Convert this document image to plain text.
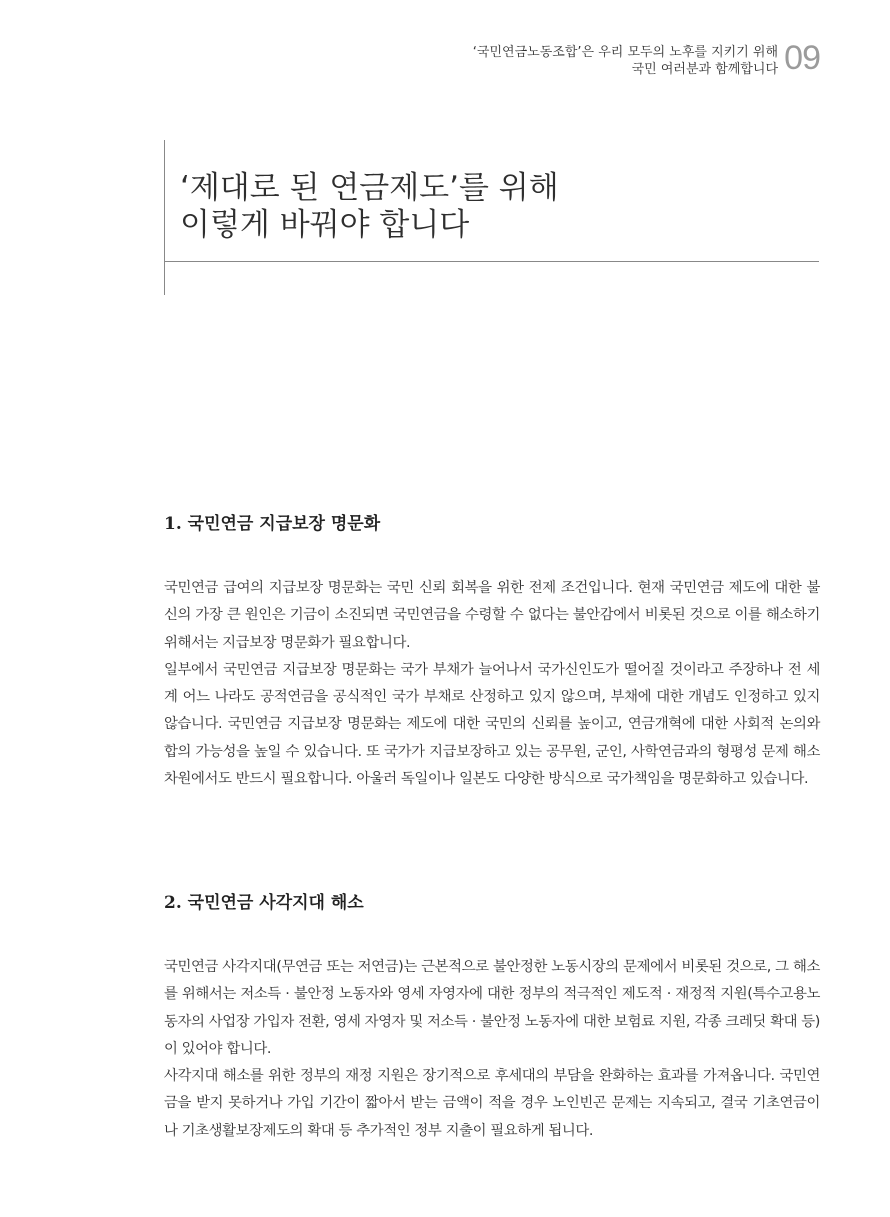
‘국민연금노동조합’은 우리 모두의 노후를 지키기 위해
국민 여러분과 함께합니다 09
‘제대로 된 연금제도’를 위해
이렇게 바꿔야 합니다
1. 국민연금 지급보장 명문화

국민연금 급여의 지급보장 명문화는 국민 신뢰 회복을 위한 전제 조건입니다. 현재 국민연금 제도에 대한 불신의 가장 큰 원인은 기금이 소진되면 국민연금을 수령할 수 없다는 불안감에서 비롯된 것으로 이를 해소하기 위해서는 지급보장 명문화가 필요합니다.

일부에서 국민연금 지급보장 명문화는 국가 부채가 늘어나서 국가신인도가 떨어질 것이라고 주장하나 전 세계 어느 나라도 공적연금을 공식적인 국가 부채로 산정하고 있지 않으며, 부채에 대한 개념도 인정하고 있지 않습니다. 국민연금 지급보장 명문화는 제도에 대한 국민의 신뢰를 높이고, 연금개혁에 대한 사회적 논의와 합의 가능성을 높일 수 있습니다. 또 국가가 지급보장하고 있는 공무원, 군인, 사학연금과의 형평성 문제 해소 차원에서도 반드시 필요합니다. 아울러 독일이나 일본도 다양한 방식으로 국가책임을 명문화하고 있습니다.

2. 국민연금 사각지대 해소

국민연금 사각지대(무연금 또는 저연금)는 근본적으로 불안정한 노동시장의 문제에서 비롯된 것으로, 그 해소를 위해서는 저소득 · 불안정 노동자와 영세 자영자에 대한 정부의 적극적인 제도적 · 재정적 지원(특수고용노동자의 사업장 가입자 전환, 영세 자영자 및 저소득 · 불안정 노동자에 대한 보험료 지원, 각종 크레딧 확대 등)이 있어야 합니다.

사각지대 해소를 위한 정부의 재정 지원은 장기적으로 후세대의 부담을 완화하는 효과를 가져옵니다. 국민연금을 받지 못하거나 가입 기간이 짧아서 받는 금액이 적을 경우 노인빈곤 문제는 지속되고, 결국 기초연금이나 기초생활보장제도의 확대 등 추가적인 정부 지출이 필요하게 됩니다.
